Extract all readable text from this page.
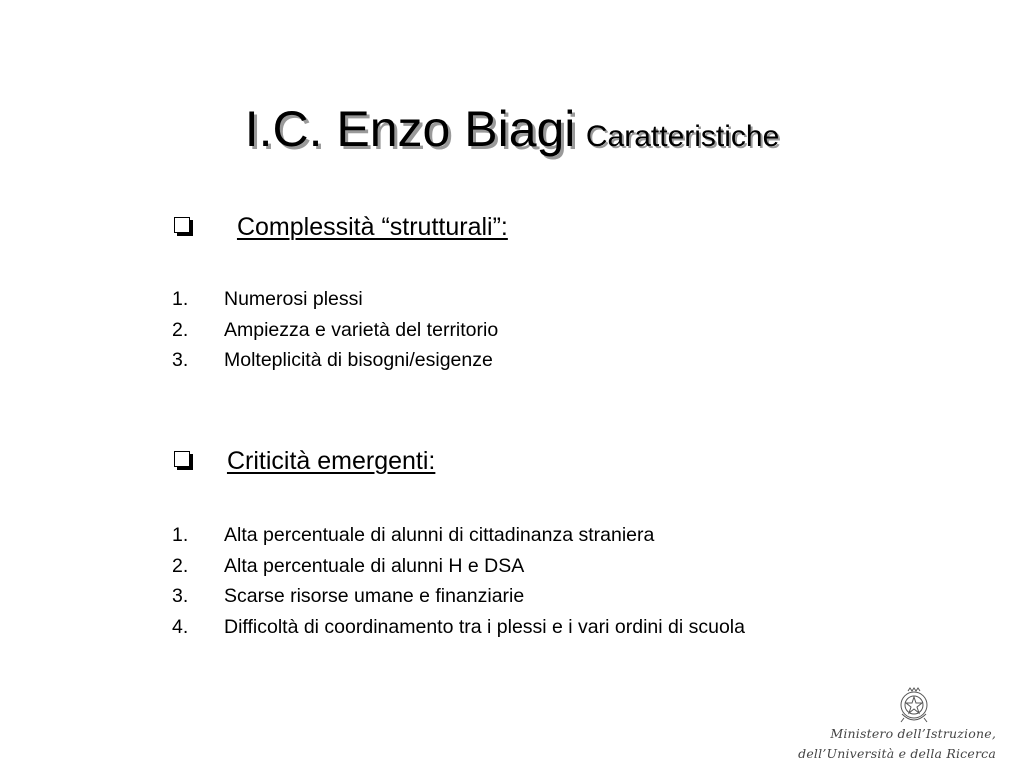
I.C. Enzo Biagi Caratteristiche
Complessità “strutturali”:
1.	Numerosi plessi
2.	Ampiezza e varietà del territorio
3.	Molteplicità di bisogni/esigenze
Criticità emergenti:
1.	Alta percentuale di alunni di cittadinanza straniera
2.	Alta percentuale di alunni H e DSA
3.	Scarse risorse umane e finanziarie
4.	Difficoltà di coordinamento tra i plessi e i vari ordini di scuola
Ministero dell’Istruzione,
dell’Università e della Ricerca
